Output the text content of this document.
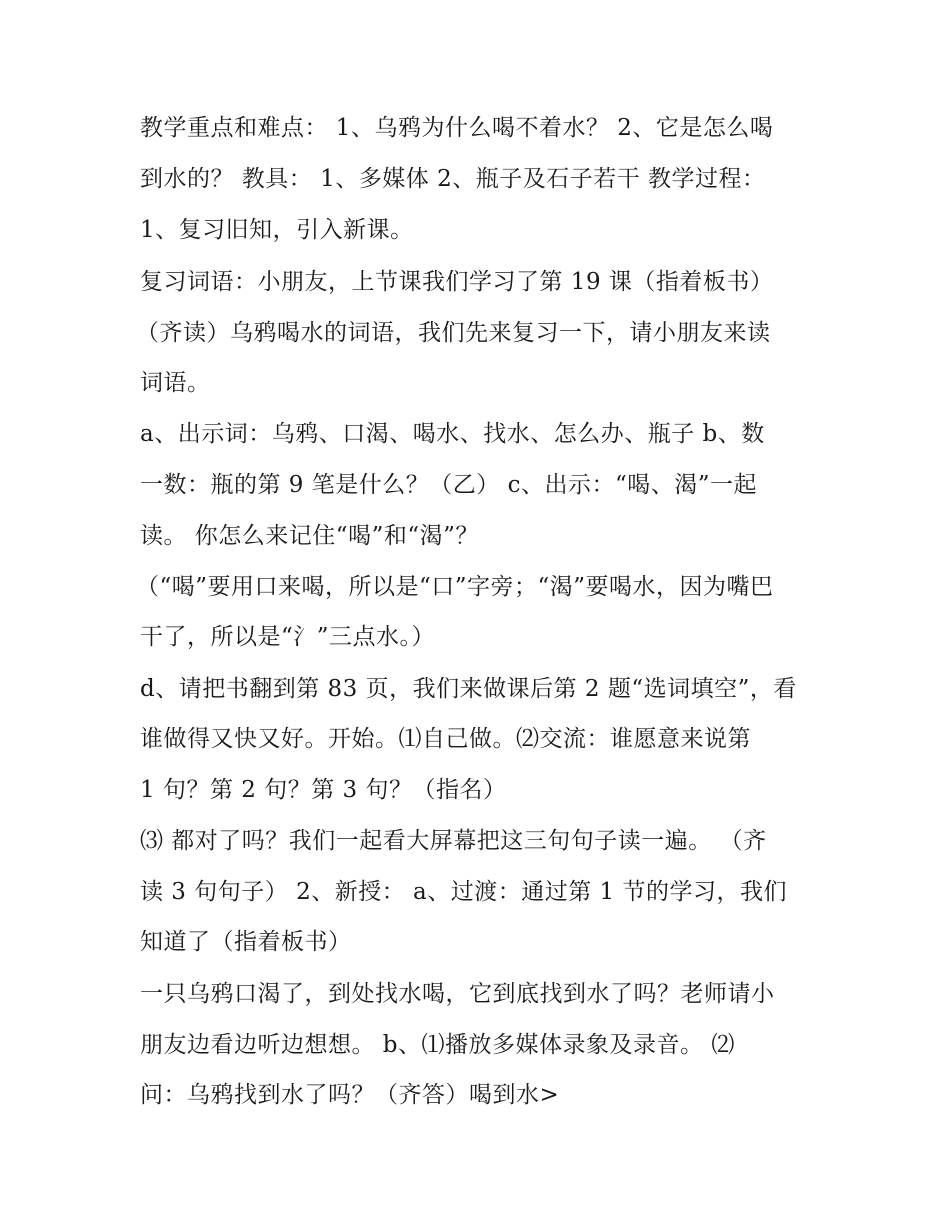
教学重点和难点： 1、乌鸦为什么喝不着水？ 2、它是怎么喝
到水的？ 教具： 1、多媒体 2、瓶子及石子若干 教学过程：
1、复习旧知，引入新课。
复习词语：小朋友，上节课我们学习了第 19 课（指着板书）
（齐读）乌鸦喝水的词语，我们先来复习一下，请小朋友来读
词语。
a、出示词：乌鸦、口渴、喝水、找水、怎么办、瓶子 b、数
一数：瓶的第 9 笔是什么？（乙） c、出示：“喝、渴”一起
读。 你怎么来记住“喝”和“渴”？
（“喝”要用口来喝，所以是“口”字旁；“渴”要喝水，因为嘴巴
干了，所以是“氵”三点水。）
d、请把书翻到第 83 页，我们来做课后第 2 题“选词填空”，看
谁做得又快又好。开始。⑴自己做。⑵交流：谁愿意来说第
1 句？第 2 句？第 3 句？（指名）
⑶ 都对了吗？我们一起看大屏幕把这三句句子读一遍。 （齐
读 3 句句子） 2、新授： a、过渡：通过第 1 节的学习，我们
知道了（指着板书）
一只乌鸦口渴了，到处找水喝，它到底找到水了吗？老师请小
朋友边看边听边想想。 b、⑴播放多媒体录象及录音。 ⑵
问：乌鸦找到水了吗？（齐答）喝到水>
